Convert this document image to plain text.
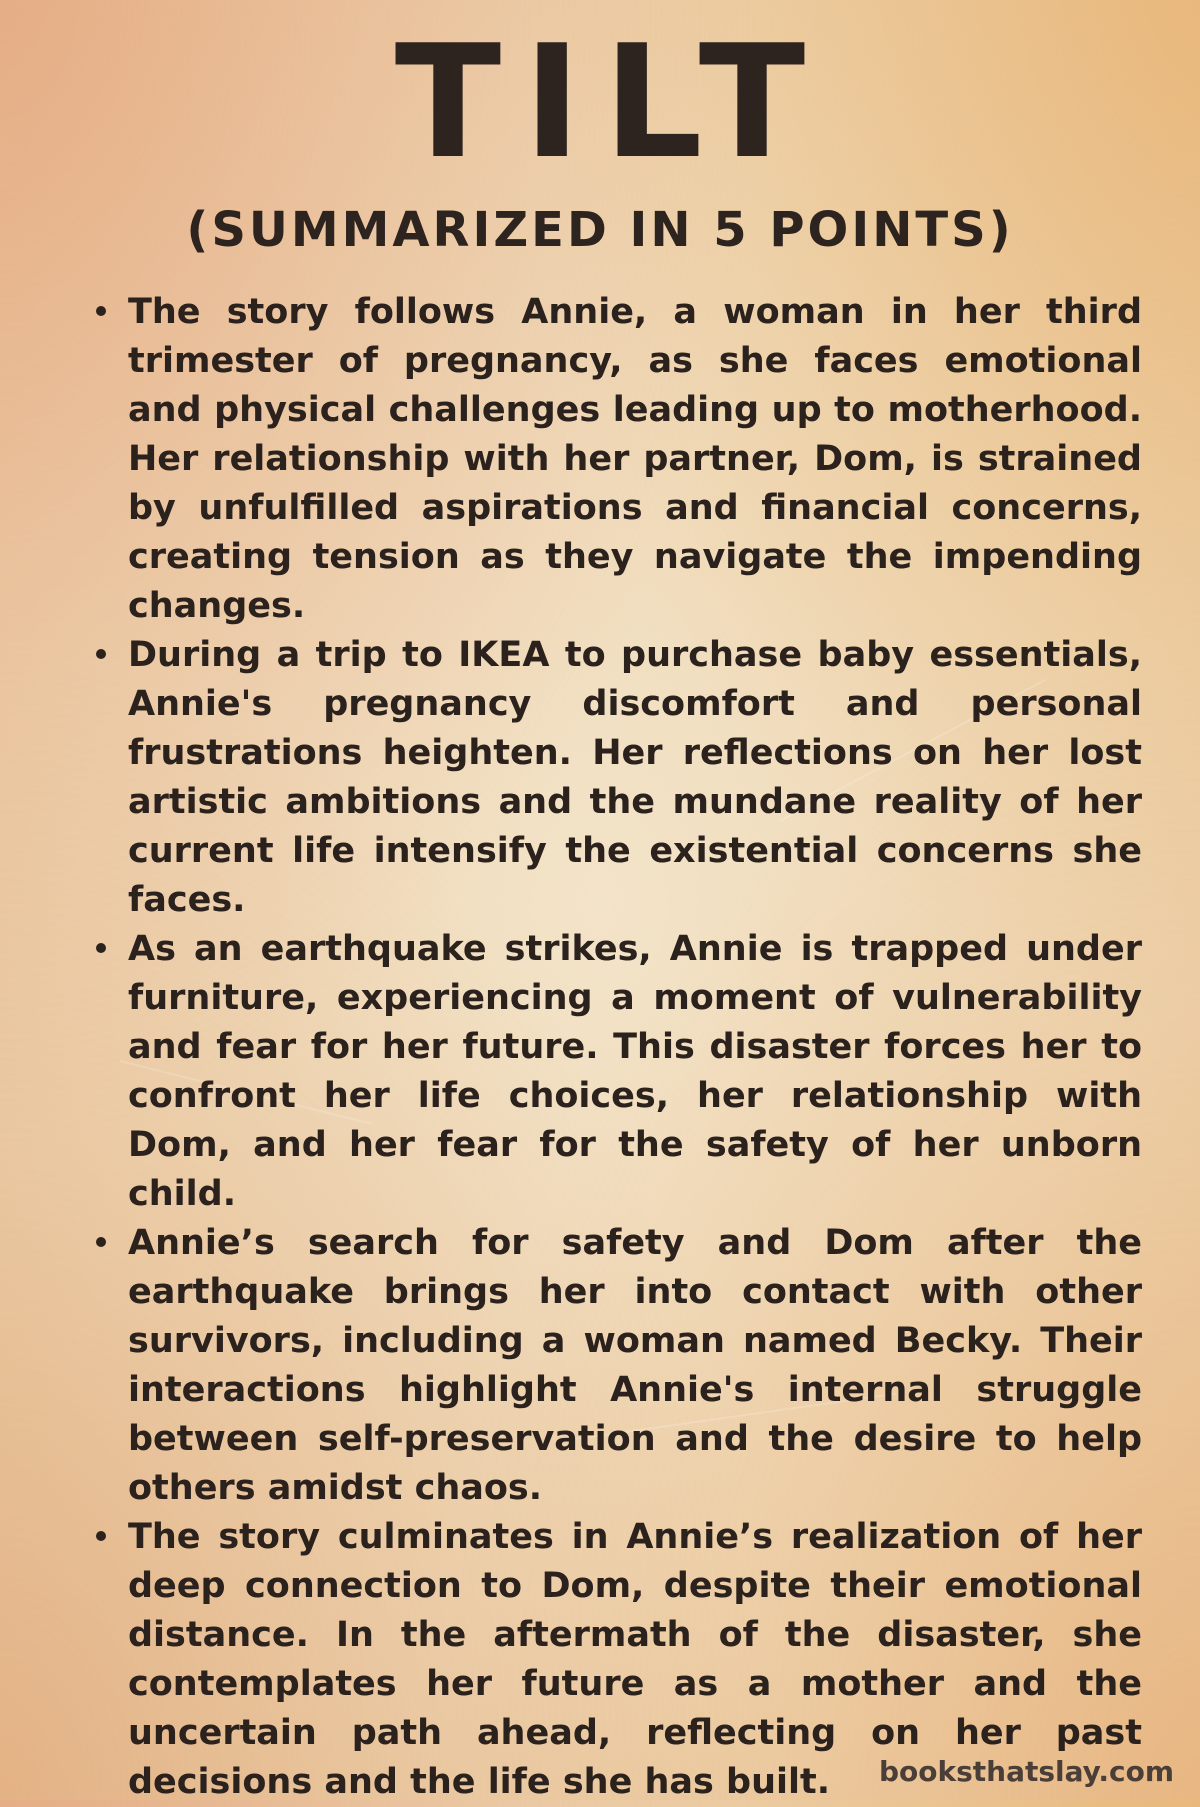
TILT
(SUMMARIZED IN 5 POINTS)
The story follows Annie, a woman in her third trimester of pregnancy, as she faces emotional and physical challenges leading up to motherhood. Her relationship with her partner, Dom, is strained by unfulfilled aspirations and financial concerns, creating tension as they navigate the impending changes.
During a trip to IKEA to purchase baby essentials, Annie's pregnancy discomfort and personal frustrations heighten. Her reflections on her lost artistic ambitions and the mundane reality of her current life intensify the existential concerns she faces.
As an earthquake strikes, Annie is trapped under furniture, experiencing a moment of vulnerability and fear for her future. This disaster forces her to confront her life choices, her relationship with Dom, and her fear for the safety of her unborn child.
Annie’s search for safety and Dom after the earthquake brings her into contact with other survivors, including a woman named Becky. Their interactions highlight Annie's internal struggle between self-preservation and the desire to help others amidst chaos.
The story culminates in Annie’s realization of her deep connection to Dom, despite their emotional distance. In the aftermath of the disaster, she contemplates her future as a mother and the uncertain path ahead, reflecting on her past decisions and the life she has built.	booksthatslay.com
